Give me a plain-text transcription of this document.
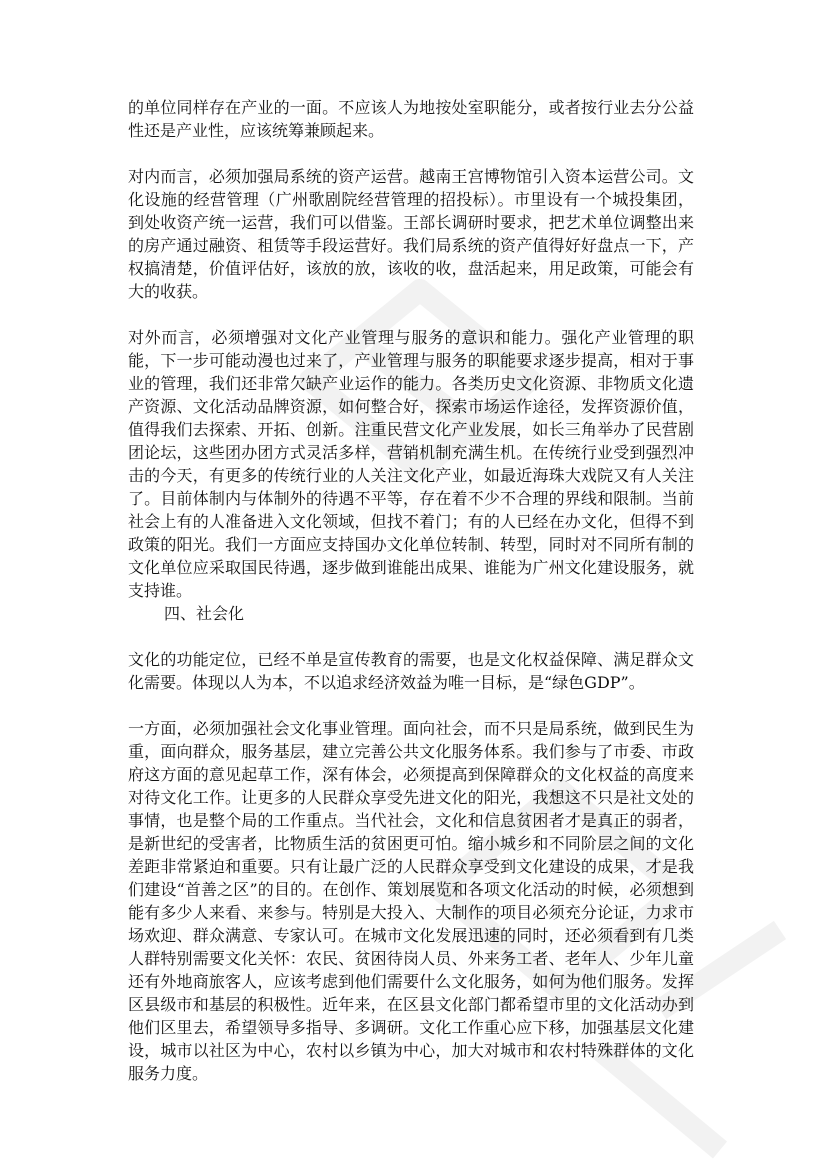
的单位同样存在产业的一面。不应该人为地按处室职能分，或者按行业去分公益性还是产业性，应该统筹兼顾起来。

对内而言，必须加强局系统的资产运营。越南王宫博物馆引入资本运营公司。文化设施的经营管理（广州歌剧院经营管理的招投标）。市里设有一个城投集团，到处收资产统一运营，我们可以借鉴。王部长调研时要求，把艺术单位调整出来的房产通过融资、租赁等手段运营好。我们局系统的资产值得好好盘点一下，产权搞清楚，价值评估好，该放的放，该收的收，盘活起来，用足政策，可能会有大的收获。

对外而言，必须增强对文化产业管理与服务的意识和能力。强化产业管理的职能，下一步可能动漫也过来了，产业管理与服务的职能要求逐步提高，相对于事业的管理，我们还非常欠缺产业运作的能力。各类历史文化资源、非物质文化遗产资源、文化活动品牌资源，如何整合好，探索市场运作途径，发挥资源价值，值得我们去探索、开拓、创新。注重民营文化产业发展，如长三角举办了民营剧团论坛，这些团办团方式灵活多样，营销机制充满生机。在传统行业受到强烈冲击的今天，有更多的传统行业的人关注文化产业，如最近海珠大戏院又有人关注了。目前体制内与体制外的待遇不平等，存在着不少不合理的界线和限制。当前社会上有的人准备进入文化领域，但找不着门；有的人已经在办文化，但得不到政策的阳光。我们一方面应支持国办文化单位转制、转型，同时对不同所有制的文化单位应采取国民待遇，逐步做到谁能出成果、谁能为广州文化建设服务，就支持谁。

四、社会化

文化的功能定位，已经不单是宣传教育的需要，也是文化权益保障、满足群众文化需要。体现以人为本，不以追求经济效益为唯一目标，是“绿色GDP”。

一方面，必须加强社会文化事业管理。面向社会，而不只是局系统，做到民生为重，面向群众，服务基层，建立完善公共文化服务体系。我们参与了市委、市政府这方面的意见起草工作，深有体会，必须提高到保障群众的文化权益的高度来对待文化工作。让更多的人民群众享受先进文化的阳光，我想这不只是社文处的事情，也是整个局的工作重点。当代社会，文化和信息贫困者才是真正的弱者，是新世纪的受害者，比物质生活的贫困更可怕。缩小城乡和不同阶层之间的文化差距非常紧迫和重要。只有让最广泛的人民群众享受到文化建设的成果，才是我们建设“首善之区”的目的。在创作、策划展览和各项文化活动的时候，必须想到能有多少人来看、来参与。特别是大投入、大制作的项目必须充分论证，力求市场欢迎、群众满意、专家认可。在城市文化发展迅速的同时，还必须看到有几类人群特别需要文化关怀：农民、贫困待岗人员、外来务工者、老年人、少年儿童还有外地商旅客人，应该考虑到他们需要什么文化服务，如何为他们服务。发挥区县级市和基层的积极性。近年来，在区县文化部门都希望市里的文化活动办到他们区里去，希望领导多指导、多调研。文化工作重心应下移，加强基层文化建设，城市以社区为中心，农村以乡镇为中心，加大对城市和农村特殊群体的文化服务力度。
